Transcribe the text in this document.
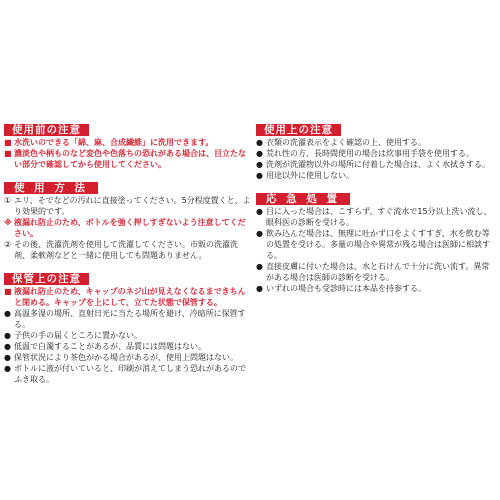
使用前の注意
■ 水洗いのできる「綿、麻、合成繊維」に洗用できます。
■ 濃淡色や柄ものなど変色や色落ちの恐れがある場合は、目立たない部分で確認してから使用してください。
使 用 方 法
① エリ、そでなどの汚れに直接塗ってください。5分程度置くと、より効果的です。
※ 液漏れ防止のため、ボトルを強く押しすぎないよう注意してください。
② その後、洗濯洗剤を使用して洗濯してください。市販の洗濯洗剤、柔軟剤などと一緒に使用しても問題ありません。
保管上の注意
■ 液漏れ防止のため、キャップのネジ山が見えなくなるまできちんと閉める。キャップを上にして、立てた状態で保管する。
● 高温多湿の場所、直射日光に当たる場所を避け、冷暗所に保管する。
● 子供の手の届くところに置かない。
● 低温で白濁することがあるが、品質には問題はない。
● 保管状況により茶色がかる場合があるが、使用上問題はない。
● ボトルに液が付いていると、印刷が消えてしまう恐れがあるのでふき取る。
使用上の注意
● 衣類の洗濯表示をよく確認の上、使用する。
● 荒れ性の方、長時間使用の場合は炊事用手袋を使用する。
● 洗剤が洗濯物以外の場所に付着した場合は、よく水拭きする。
● 用途以外に使用しない。
応 急 処 置
● 目に入った場合は、こすらず、すぐ流水で15分以上洗い流し、眼科医の診断を受ける。
● 飲み込んだ場合は、無理に吐かず口をよくすすぎ、水を飲む等の処置を受ける。多量の場合や異常が残る場合は医師に相談する。
● 直接皮膚に付いた場合は、水と石けんで十分に洗い流す。異常がある場合は医師の診断を受ける。
● いずれの場合も受診時には本品を持参する。
